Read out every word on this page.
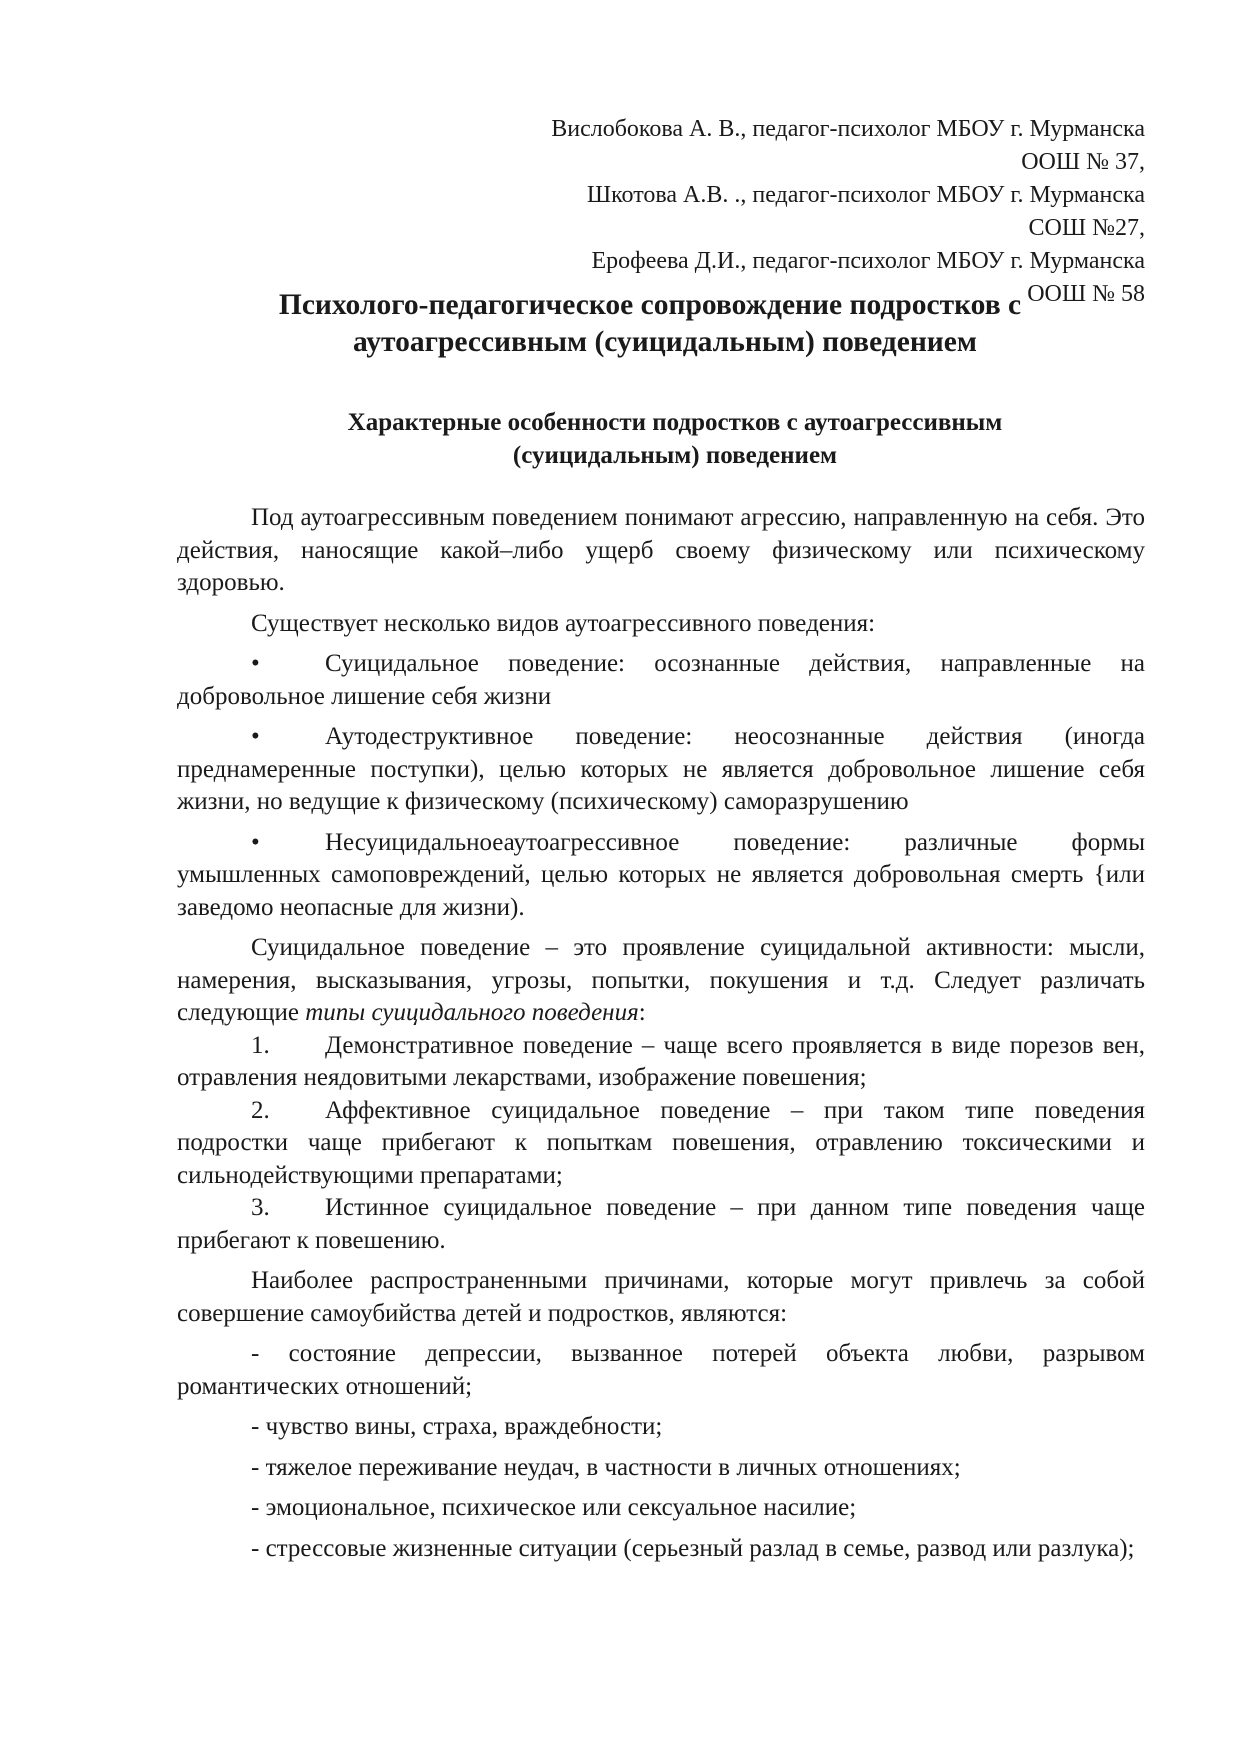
Вислобокова А. В., педагог-психолог МБОУ г. Мурманска
ООШ № 37,
Шкотова А.В. ., педагог-психолог МБОУ г. Мурманска
СОШ №27,
Ерофеева Д.И., педагог-психолог МБОУ г. Мурманска
ООШ № 58
Психолого-педагогическое сопровождение подростков с
аутоагрессивным (суицидальным) поведением
Характерные особенности подростков с аутоагрессивным
(суицидальным) поведением

Под аутоагрессивным поведением понимают агрессию, направленную на себя. Это действия, наносящие какой–либо ущерб своему физическому или психическому здоровью.

Существует несколько видов аутоагрессивного поведения:

•	Суицидальное поведение: осознанные действия, направленные на добровольное лишение себя жизни

•	Аутодеструктивное поведение: неосознанные действия (иногда преднамеренные поступки), целью которых не является добровольное лишение себя жизни, но ведущие к физическому (психическому) саморазрушению

•	Несуицидальноеаутоагрессивное поведение: различные формы умышленных самоповреждений, целью которых не является добровольная смерть {или заведомо неопасные для жизни).

Суицидальное поведение – это проявление суицидальной активности: мысли, намерения, высказывания, угрозы, попытки, покушения и т.д. Следует различать следующие типы суицидального поведения:

1. Демонстративное поведение – чаще всего проявляется в виде порезов вен, отравления неядовитыми лекарствами, изображение повешения;

2. Аффективное суицидальное поведение – при таком типе поведения подростки чаще прибегают к попыткам повешения, отравлению токсическими и сильнодействующими препаратами;

3. Истинное суицидальное поведение – при данном типе поведения чаще прибегают к повешению.

Наиболее распространенными причинами, которые могут привлечь за собой совершение самоубийства детей и подростков, являются:

- состояние депрессии, вызванное потерей объекта любви, разрывом романтических отношений;

- чувство вины, страха, враждебности;

- тяжелое переживание неудач, в частности в личных отношениях;

- эмоциональное, психическое или сексуальное насилие;

- стрессовые жизненные ситуации (серьезный разлад в семье, развод или разлука);
